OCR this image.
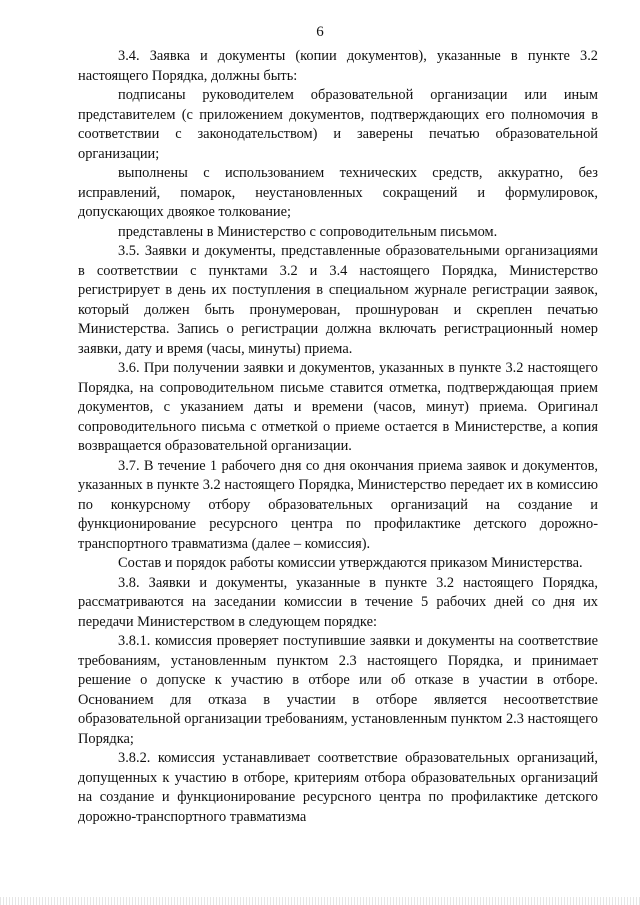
6

3.4. Заявка и документы (копии документов), указанные в пункте 3.2 настоящего Порядка, должны быть:

подписаны руководителем образовательной организации или иным представителем (с приложением документов, подтверждающих его полномочия в соответствии с законодательством) и заверены печатью образовательной организации;

выполнены с использованием технических средств, аккуратно, без исправлений, помарок, неустановленных сокращений и формулировок, допускающих двоякое толкование;

представлены в Министерство с сопроводительным письмом.

3.5. Заявки и документы, представленные образовательными организациями в соответствии с пунктами 3.2 и 3.4 настоящего Порядка, Министерство регистрирует в день их поступления в специальном журнале регистрации заявок, который должен быть пронумерован, прошнурован и скреплен печатью Министерства. Запись о регистрации должна включать регистрационный номер заявки, дату и время (часы, минуты) приема.

3.6. При получении заявки и документов, указанных в пункте 3.2 настоящего Порядка, на сопроводительном письме ставится отметка, подтверждающая прием документов, с указанием даты и времени (часов, минут) приема. Оригинал сопроводительного письма с отметкой о приеме остается в Министерстве, а копия возвращается образовательной организации.

3.7. В течение 1 рабочего дня со дня окончания приема заявок и документов, указанных в пункте 3.2 настоящего Порядка, Министерство передает их в комиссию по конкурсному отбору образовательных организаций на создание и функционирование ресурсного центра по профилактике детского дорожно-транспортного травматизма (далее – комиссия).

Состав и порядок работы комиссии утверждаются приказом Министерства.

3.8. Заявки и документы, указанные в пункте 3.2 настоящего Порядка, рассматриваются на заседании комиссии в течение 5 рабочих дней со дня их передачи Министерством в следующем порядке:

3.8.1. комиссия проверяет поступившие заявки и документы на соответствие требованиям, установленным пунктом 2.3 настоящего Порядка, и принимает решение о допуске к участию в отборе или об отказе в участии в отборе. Основанием для отказа в участии в отборе является несоответствие образовательной организации требованиям, установленным пунктом 2.3 настоящего Порядка;

3.8.2. комиссия устанавливает соответствие образовательных организаций, допущенных к участию в отборе, критериям отбора образовательных организаций на создание и функционирование ресурсного центра по профилактике детского дорожно-транспортного травматизма
